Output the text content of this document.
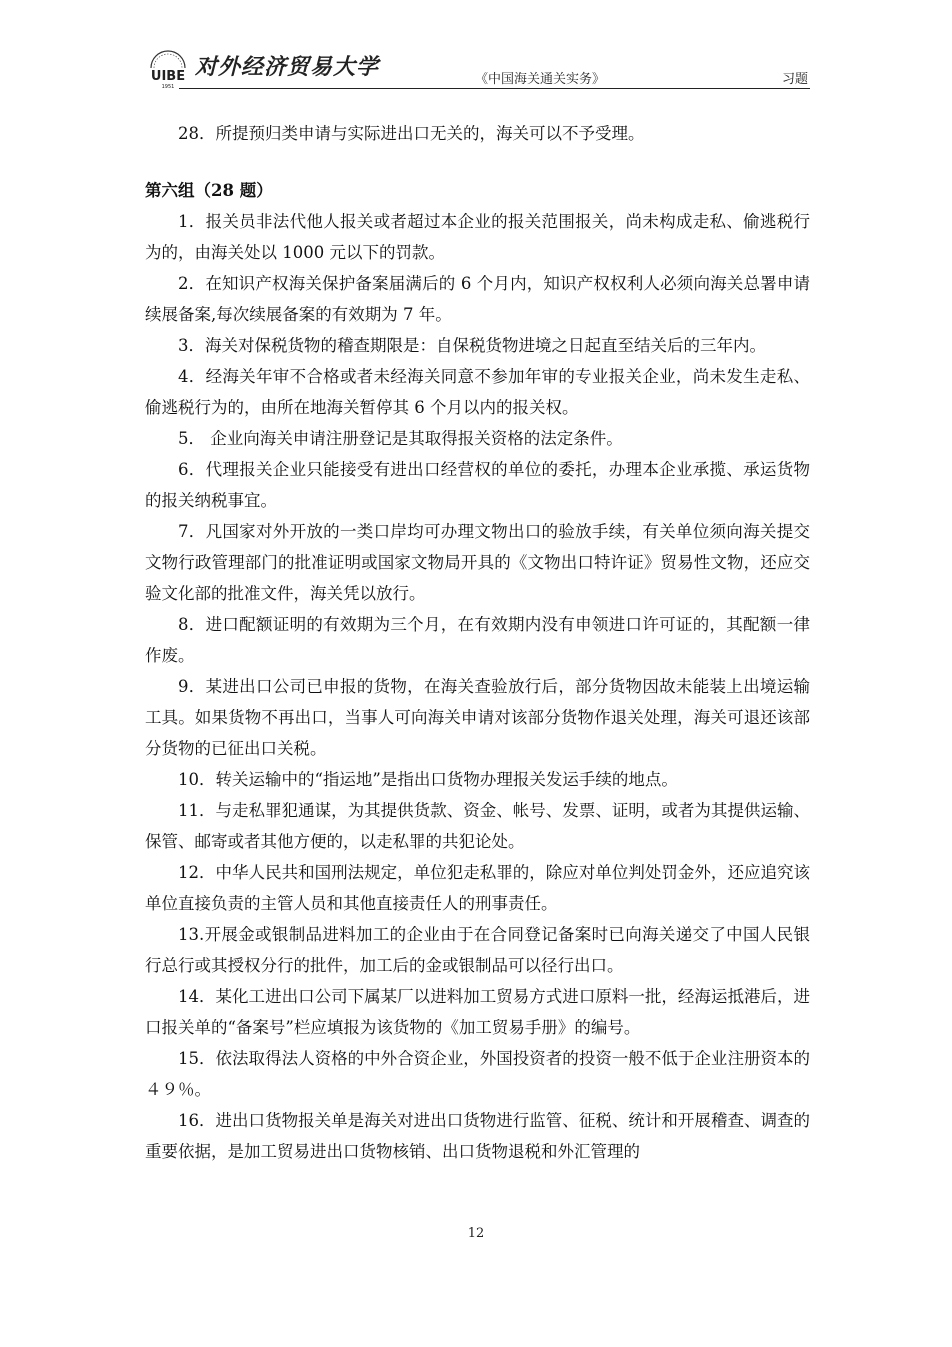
UIBE
1951
对外经济贸易大学	《中国海关通关实务》	习题

28．所提预归类申请与实际进出口无关的，海关可以不予受理。

第六组（28 题）

1．报关员非法代他人报关或者超过本企业的报关范围报关，尚未构成走私、偷逃税行为的，由海关处以 1000 元以下的罚款。

2．在知识产权海关保护备案届满后的 6 个月内，知识产权权利人必须向海关总署申请续展备案,每次续展备案的有效期为 7 年。

3．海关对保税货物的稽查期限是：自保税货物进境之日起直至结关后的三年内。

4．经海关年审不合格或者未经海关同意不参加年审的专业报关企业，尚未发生走私、偷逃税行为的，由所在地海关暂停其 6 个月以内的报关权。

5． 企业向海关申请注册登记是其取得报关资格的法定条件。

6．代理报关企业只能接受有进出口经营权的单位的委托，办理本企业承揽、承运货物的报关纳税事宜。

7．凡国家对外开放的一类口岸均可办理文物出口的验放手续，有关单位须向海关提交文物行政管理部门的批准证明或国家文物局开具的《文物出口特许证》贸易性文物，还应交验文化部的批准文件，海关凭以放行。

8．进口配额证明的有效期为三个月，在有效期内没有申领进口许可证的，其配额一律作废。

9．某进出口公司已申报的货物，在海关查验放行后，部分货物因故未能装上出境运输工具。如果货物不再出口，当事人可向海关申请对该部分货物作退关处理，海关可退还该部分货物的已征出口关税。

10．转关运输中的“指运地”是指出口货物办理报关发运手续的地点。

11．与走私罪犯通谋，为其提供货款、资金、帐号、发票、证明，或者为其提供运输、保管、邮寄或者其他方便的，以走私罪的共犯论处。

12．中华人民共和国刑法规定，单位犯走私罪的，除应对单位判处罚金外，还应追究该单位直接负责的主管人员和其他直接责任人的刑事责任。

13.开展金或银制品进料加工的企业由于在合同登记备案时已向海关递交了中国人民银行总行或其授权分行的批件，加工后的金或银制品可以径行出口。

14．某化工进出口公司下属某厂以进料加工贸易方式进口原料一批，经海运抵港后，进口报关单的“备案号”栏应填报为该货物的《加工贸易手册》的编号。

15．依法取得法人资格的中外合资企业，外国投资者的投资一般不低于企业注册资本的４９％。

16．进出口货物报关单是海关对进出口货物进行监管、征税、统计和开展稽查、调查的重要依据，是加工贸易进出口货物核销、出口货物退税和外汇管理的

12
